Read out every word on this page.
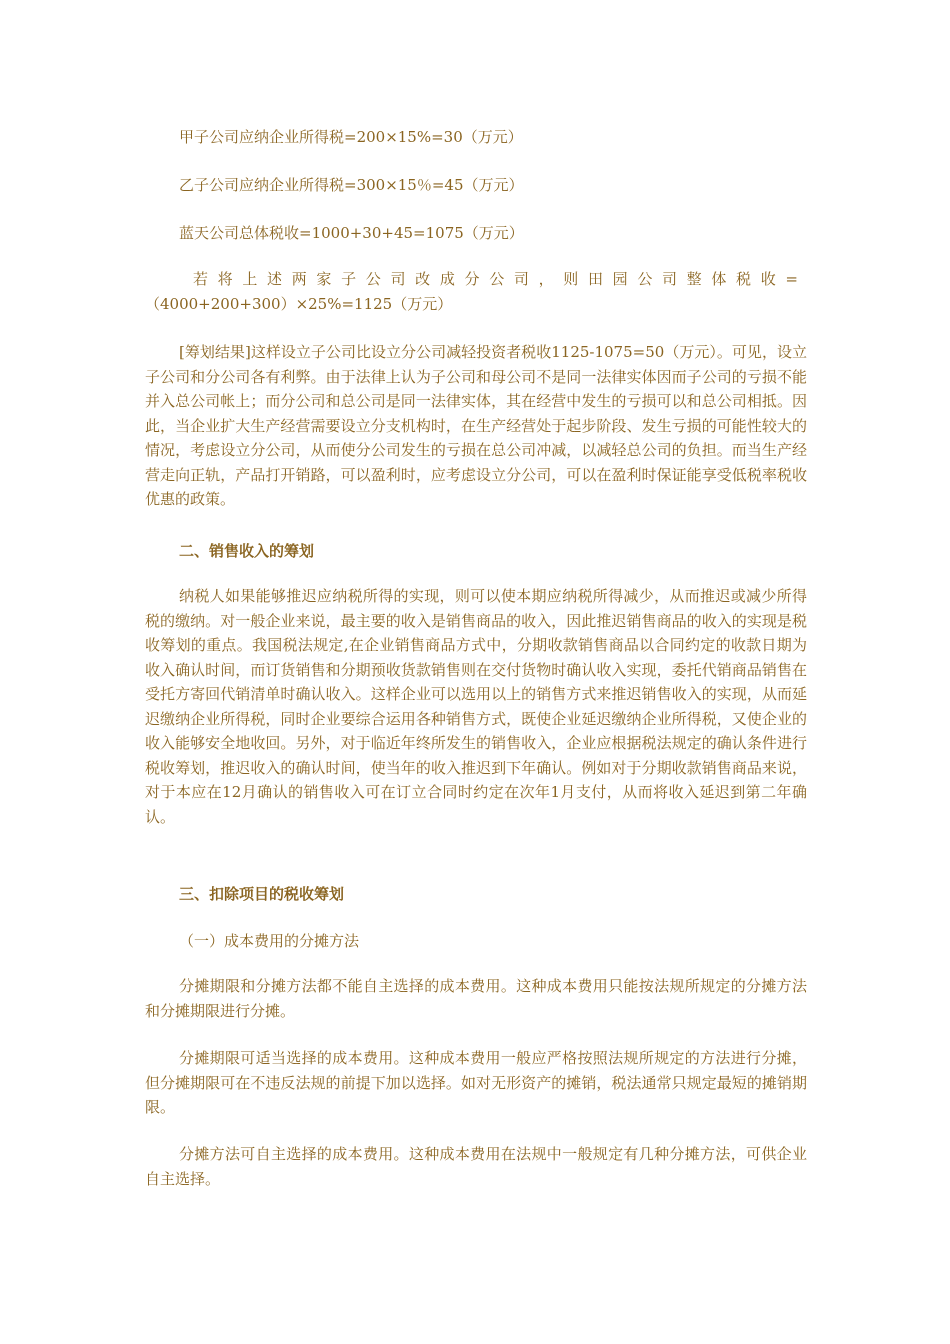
甲子公司应纳企业所得税=200×15%=30（万元）
乙子公司应纳企业所得税=300×15％=45（万元）
蓝天公司总体税收=1000+30+45=1075（万元）
若将上述两家子公司改成分公司，则田园公司整体税收=
（4000+200+300）×25%=1125（万元）
[筹划结果]这样设立子公司比设立分公司减轻投资者税收1125-1075=50（万元）。可见，设立子公司和分公司各有利弊。由于法律上认为子公司和母公司不是同一法律实体因而子公司的亏损不能并入总公司帐上；而分公司和总公司是同一法律实体，其在经营中发生的亏损可以和总公司相抵。因此，当企业扩大生产经营需要设立分支机构时，在生产经营处于起步阶段、发生亏损的可能性较大的情况，考虑设立分公司，从而使分公司发生的亏损在总公司冲减，以减轻总公司的负担。而当生产经营走向正轨，产品打开销路，可以盈利时，应考虑设立分公司，可以在盈利时保证能享受低税率税收优惠的政策。
二、销售收入的筹划
纳税人如果能够推迟应纳税所得的实现，则可以使本期应纳税所得减少，从而推迟或减少所得税的缴纳。对一般企业来说，最主要的收入是销售商品的收入，因此推迟销售商品的收入的实现是税收筹划的重点。我国税法规定,在企业销售商品方式中，分期收款销售商品以合同约定的收款日期为收入确认时间，而订货销售和分期预收货款销售则在交付货物时确认收入实现，委托代销商品销售在受托方寄回代销清单时确认收入。这样企业可以选用以上的销售方式来推迟销售收入的实现，从而延迟缴纳企业所得税，同时企业要综合运用各种销售方式，既使企业延迟缴纳企业所得税，又使企业的收入能够安全地收回。另外，对于临近年终所发生的销售收入，企业应根据税法规定的确认条件进行税收筹划，推迟收入的确认时间，使当年的收入推迟到下年确认。例如对于分期收款销售商品来说，对于本应在12月确认的销售收入可在订立合同时约定在次年1月支付，从而将收入延迟到第二年确认。
三、扣除项目的税收筹划
（一）成本费用的分摊方法
分摊期限和分摊方法都不能自主选择的成本费用。这种成本费用只能按法规所规定的分摊方法和分摊期限进行分摊。
分摊期限可适当选择的成本费用。这种成本费用一般应严格按照法规所规定的方法进行分摊，但分摊期限可在不违反法规的前提下加以选择。如对无形资产的摊销，税法通常只规定最短的摊销期限。
分摊方法可自主选择的成本费用。这种成本费用在法规中一般规定有几种分摊方法，可供企业自主选择。
